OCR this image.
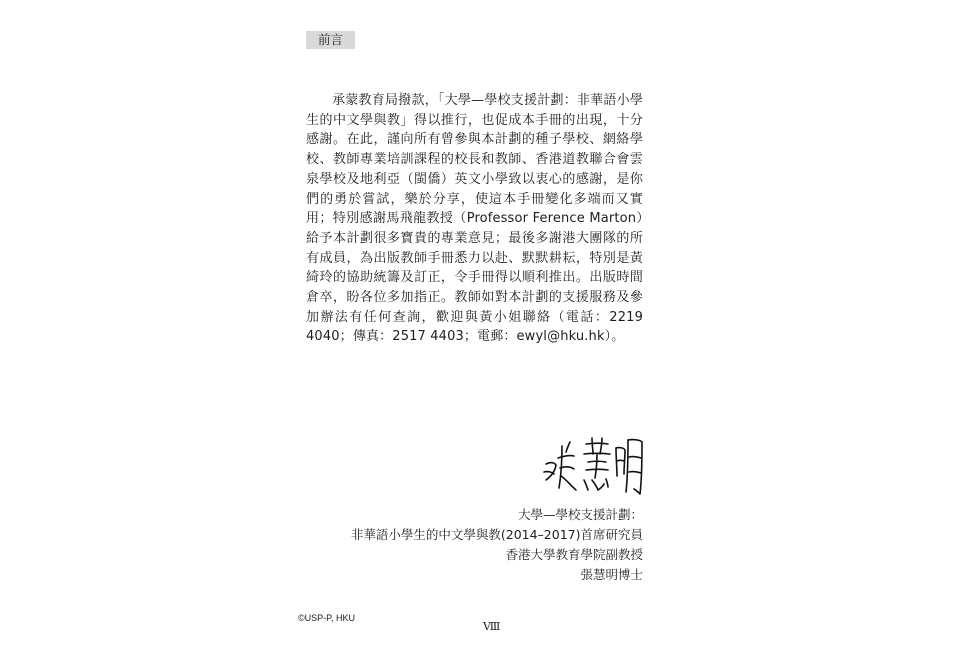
前言

承蒙教育局撥款，「大學—學校支援計劃：非華語小學生的中文學與教」得以推行，也促成本手冊的出現，十分感謝。在此，謹向所有曾參與本計劃的種子學校、網絡學校、教師專業培訓課程的校長和教師、香港道教聯合會雲泉學校及地利亞（閩僑）英文小學致以衷心的感謝，是你們的勇於嘗試，樂於分享，使這本手冊變化多端而又實用；特別感謝馬飛龍教授（Professor Ference Marton）給予本計劃很多寶貴的專業意見；最後多謝港大團隊的所有成員，為出版教師手冊悉力以赴、默默耕耘，特別是黃綺玲的協助統籌及訂正，令手冊得以順利推出。出版時間倉卒，盼各位多加指正。教師如對本計劃的支援服務及參加辦法有任何查詢，歡迎與黃小姐聯絡（電話：2219 4040；傳真：2517 4403；電郵：ewyl@hku.hk）。

大學—學校支援計劃：
非華語小學生的中文學與教(2014–2017)首席研究員
香港大學教育學院副教授
張慧明博士
©USP-P, HKU
Ⅷ
